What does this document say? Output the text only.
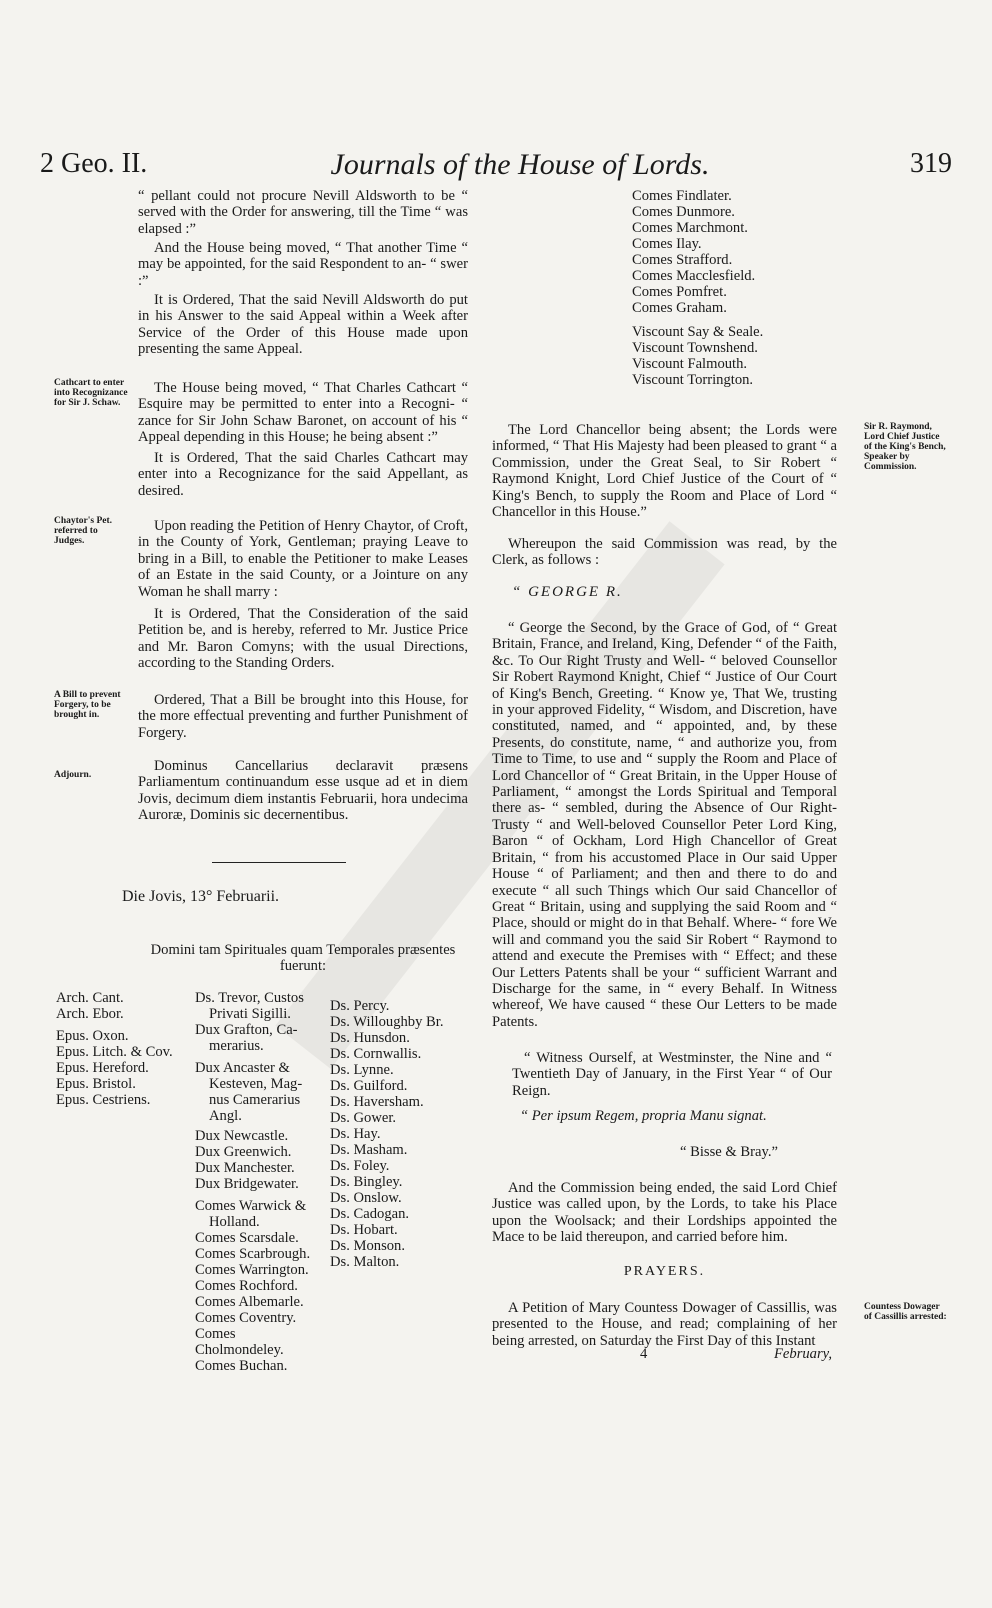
2 Geo. II.	Journals of the House of Lords.	319

“ pellant could not procure Nevill Aldsworth to be “ served with the Order for answering, till the Time “ was elapsed :”

And the House being moved, “ That another Time “ may be appointed, for the said Respondent to an- “ swer :”

It is Ordered, That the said Nevill Aldsworth do put in his Answer to the said Appeal within a Week after Service of the Order of this House made upon presenting the same Appeal.

The House being moved, “ That Charles Cathcart “ Esquire may be permitted to enter into a Recogni- “ zance for Sir John Schaw Baronet, on account of his “ Appeal depending in this House; he being absent :”

It is Ordered, That the said Charles Cathcart may enter into a Recognizance for the said Appellant, as desired.

Upon reading the Petition of Henry Chaytor, of Croft, in the County of York, Gentleman; praying Leave to bring in a Bill, to enable the Petitioner to make Leases of an Estate in the said County, or a Jointure on any Woman he shall marry :

It is Ordered, That the Consideration of the said Petition be, and is hereby, referred to Mr. Justice Price and Mr. Baron Comyns; with the usual Directions, according to the Standing Orders.

Ordered, That a Bill be brought into this House, for the more effectual preventing and further Punishment of Forgery.

Dominus Cancellarius declaravit præsens Parliamentum continuandum esse usque ad et in diem Jovis, decimum diem instantis Februarii, hora undecima Auroræ, Dominis sic decernentibus.

Cathcart to enter into Recognizance for Sir J. Schaw.
Chaytor's Pet. referred to Judges.
A Bill to prevent Forgery, to be brought in.
Adjourn.
Die Jovis, 13° Februarii.
Domini tam Spirituales quam Temporales præsentes fuerunt:
Arch. Cant.
Arch. Ebor.
Epus. Oxon.
Epus. Litch. & Cov.
Epus. Hereford.
Epus. Bristol.
Epus. Cestriens.
Ds. Trevor, Custos
Privati Sigilli.
Dux Grafton, Ca-
merarius.
Dux Ancaster &
Kesteven, Mag-
nus Camerarius
Angl.
Dux Newcastle.
Dux Greenwich.
Dux Manchester.
Dux Bridgewater.
Comes Warwick &
Holland.
Comes Scarsdale.
Comes Scarbrough.
Comes Warrington.
Comes Rochford.
Comes Albemarle.
Comes Coventry.
Comes Cholmondeley.
Comes Buchan.
Ds. Percy.
Ds. Willoughby Br.
Ds. Hunsdon.
Ds. Cornwallis.
Ds. Lynne.
Ds. Guilford.
Ds. Haversham.
Ds. Gower.
Ds. Hay.
Ds. Masham.
Ds. Foley.
Ds. Bingley.
Ds. Onslow.
Ds. Cadogan.
Ds. Hobart.
Ds. Monson.
Ds. Malton.
Comes Findlater.
Comes Dunmore.
Comes Marchmont.
Comes Ilay.
Comes Strafford.
Comes Macclesfield.
Comes Pomfret.
Comes Graham.
Viscount Say & Seale.
Viscount Townshend.
Viscount Falmouth.
Viscount Torrington.

The Lord Chancellor being absent; the Lords were informed, “ That His Majesty had been pleased to grant “ a Commission, under the Great Seal, to Sir Robert “ Raymond Knight, Lord Chief Justice of the Court of “ King's Bench, to supply the Room and Place of Lord “ Chancellor in this House.”

Sir R. Raymond, Lord Chief Justice of the King's Bench, Speaker by Commission.

Whereupon the said Commission was read, by the Clerk, as follows :

“ GEORGE R.

“ George the Second, by the Grace of God, of “ Great Britain, France, and Ireland, King, Defender “ of the Faith, &c. To Our Right Trusty and Well- “ beloved Counsellor Sir Robert Raymond Knight, Chief “ Justice of Our Court of King's Bench, Greeting. “ Know ye, That We, trusting in your approved Fidelity, “ Wisdom, and Discretion, have constituted, named, and “ appointed, and, by these Presents, do constitute, name, “ and authorize you, from Time to Time, to use and “ supply the Room and Place of Lord Chancellor of “ Great Britain, in the Upper House of Parliament, “ amongst the Lords Spiritual and Temporal there as- “ sembled, during the Absence of Our Right-Trusty “ and Well-beloved Counsellor Peter Lord King, Baron “ of Ockham, Lord High Chancellor of Great Britain, “ from his accustomed Place in Our said Upper House “ of Parliament; and then and there to do and execute “ all such Things which Our said Chancellor of Great “ Britain, using and supplying the said Room and “ Place, should or might do in that Behalf. Where- “ fore We will and command you the said Sir Robert “ Raymond to attend and execute the Premises with “ Effect; and these Our Letters Patents shall be your “ sufficient Warrant and Discharge for the same, in “ every Behalf. In Witness whereof, We have caused “ these Our Letters to be made Patents.

“ Witness Ourself, at Westminster, the Nine and “ Twentieth Day of January, in the First Year “ of Our Reign.

“ Per ipsum Regem, propria Manu signat.

“ Bisse & Bray.”

And the Commission being ended, the said Lord Chief Justice was called upon, by the Lords, to take his Place upon the Woolsack; and their Lordships appointed the Mace to be laid thereupon, and carried before him.

PRAYERS.

A Petition of Mary Countess Dowager of Cassillis, was presented to the House, and read; complaining of her being arrested, on Saturday the First Day of this Instant

Countess Dowager of Cassillis arrested:
4	February,
